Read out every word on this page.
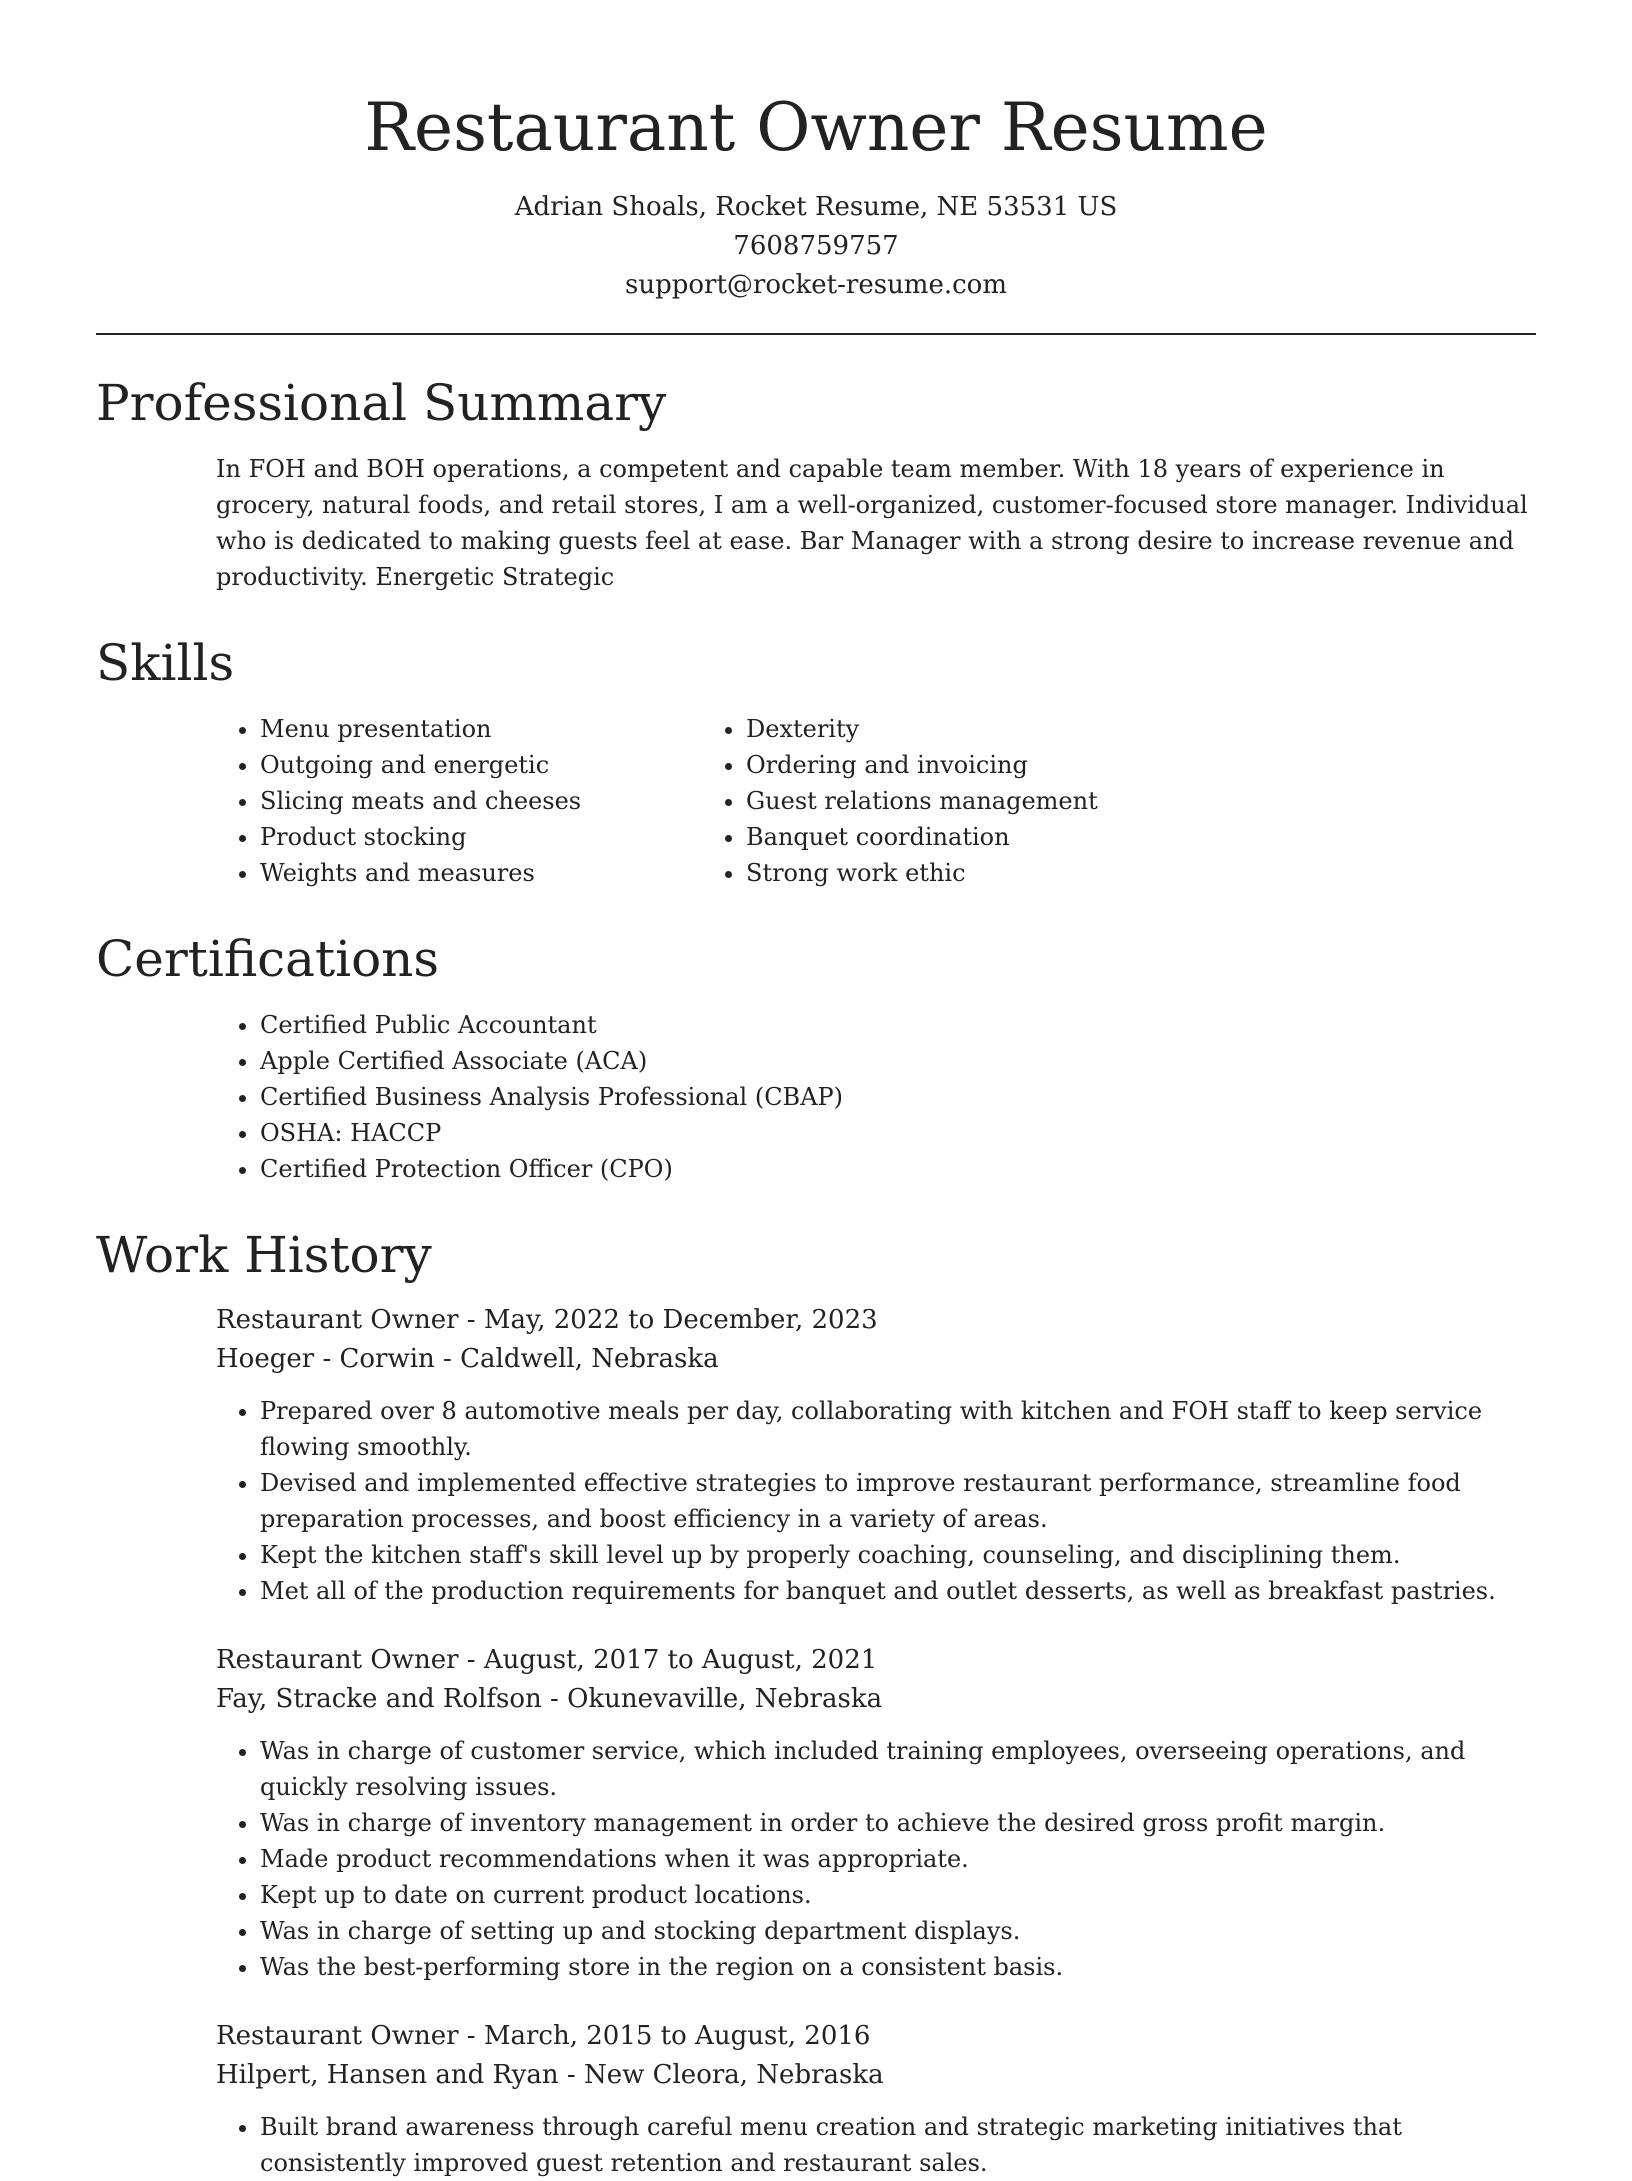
Restaurant Owner Resume
Adrian Shoals, Rocket Resume, NE 53531 US
7608759757
support@rocket-resume.com
Professional Summary
In FOH and BOH operations, a competent and capable team member. With 18 years of experience in grocery, natural foods, and retail stores, I am a well-organized, customer-focused store manager. Individual who is dedicated to making guests feel at ease. Bar Manager with a strong desire to increase revenue and productivity. Energetic Strategic
Skills
• Menu presentation
• Outgoing and energetic
• Slicing meats and cheeses
• Product stocking
• Weights and measures
• Dexterity
• Ordering and invoicing
• Guest relations management
• Banquet coordination
• Strong work ethic
Certifications
• Certified Public Accountant
• Apple Certified Associate (ACA)
• Certified Business Analysis Professional (CBAP)
• OSHA: HACCP
• Certified Protection Officer (CPO)
Work History
Restaurant Owner - May, 2022 to December, 2023
Hoeger - Corwin - Caldwell, Nebraska
• Prepared over 8 automotive meals per day, collaborating with kitchen and FOH staff to keep service flowing smoothly.
• Devised and implemented effective strategies to improve restaurant performance, streamline food preparation processes, and boost efficiency in a variety of areas.
• Kept the kitchen staff's skill level up by properly coaching, counseling, and disciplining them.
• Met all of the production requirements for banquet and outlet desserts, as well as breakfast pastries.
Restaurant Owner - August, 2017 to August, 2021
Fay, Stracke and Rolfson - Okunevaville, Nebraska
• Was in charge of customer service, which included training employees, overseeing operations, and quickly resolving issues.
• Was in charge of inventory management in order to achieve the desired gross profit margin.
• Made product recommendations when it was appropriate.
• Kept up to date on current product locations.
• Was in charge of setting up and stocking department displays.
• Was the best-performing store in the region on a consistent basis.
Restaurant Owner - March, 2015 to August, 2016
Hilpert, Hansen and Ryan - New Cleora, Nebraska
• Built brand awareness through careful menu creation and strategic marketing initiatives that consistently improved guest retention and restaurant sales.
